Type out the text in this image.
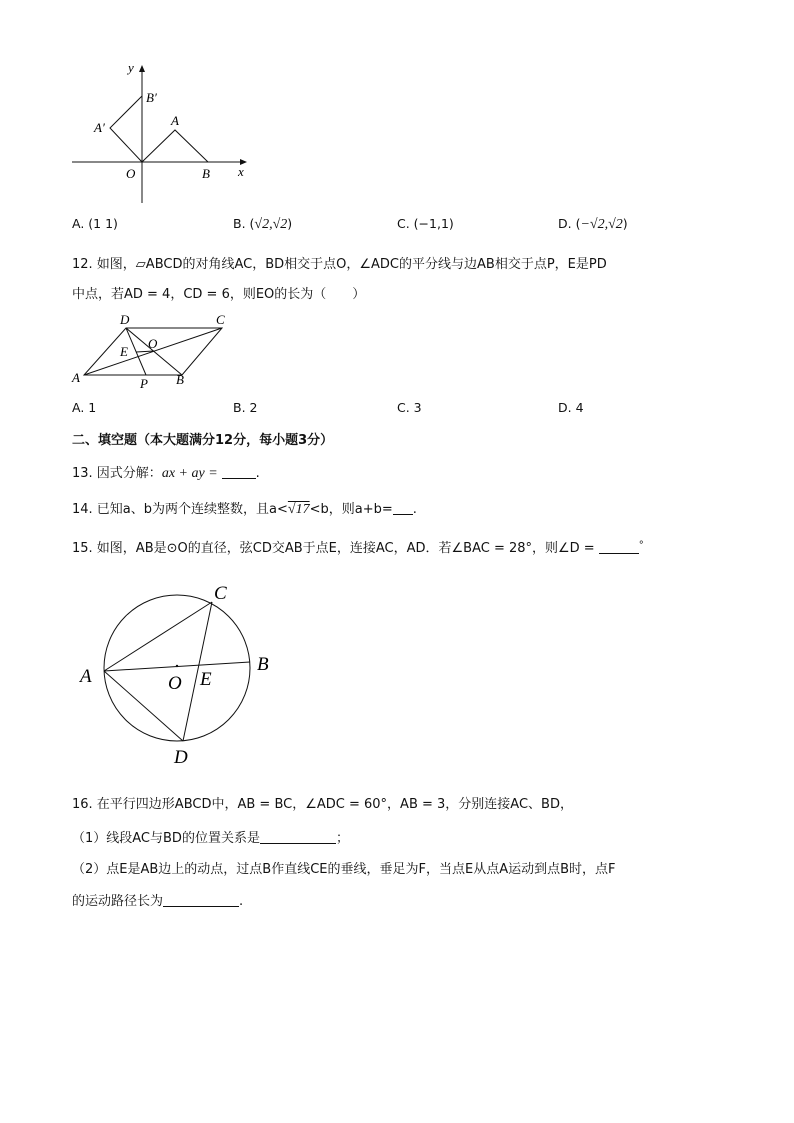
y
B′
A′	A
O	B x
A. (1 1)	B. (√2,√2)	C. (−1,1)	D. (−√2,√2)
12. 如图，▱ABCD的对角线AC，BD相交于点O，∠ADC的平分线与边AB相交于点P，E是PD
中点，若AD = 4，CD = 6，则EO的长为（　　）
D	C
E
O
A	P B
A. 1	B. 2	C. 3	D. 4
二、填空题（本大题满分12分，每小题3分）
13. 因式分解：ax + ay =	.
14. 已知a、b为两个连续整数，且a<√17<b，则a+b= .
15. 如图，AB是⊙O的直径，弦CD交AB于点E，连接AC，AD．若∠BAC = 28°，则∠D =	°
C
B
A	O E
D
16. 在平行四边形ABCD中，AB = BC，∠ADC = 60°，AB = 3，分别连接AC、BD，
（1）线段AC与BD的位置关系是	；
（2）点E是AB边上的动点，过点B作直线CE的垂线，垂足为F，当点E从点A运动到点B时，点F
的运动路径长为	.
